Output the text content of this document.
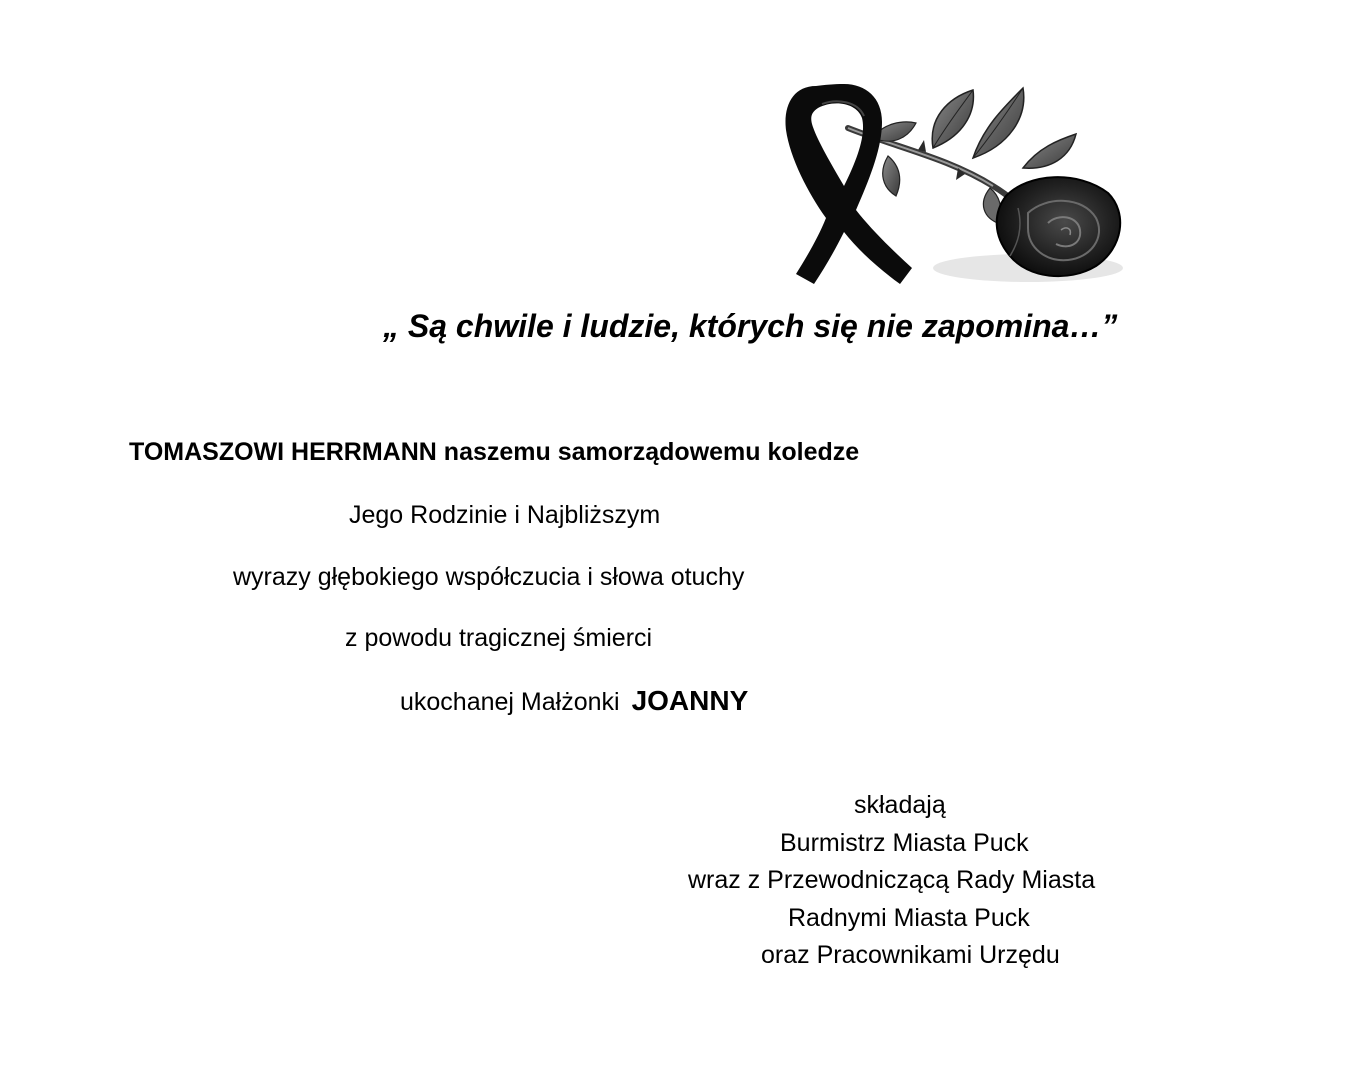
„ Są chwile i ludzie, których się nie zapomina…”
TOMASZOWI HERRMANN naszemu samorządowemu koledze
Jego Rodzinie i Najbliższym
wyrazy głębokiego współczucia i słowa otuchy
z powodu tragicznej śmierci
ukochanej Małżonki JOANNY
składają
Burmistrz Miasta Puck
wraz z Przewodniczącą Rady Miasta
Radnymi Miasta Puck
oraz Pracownikami Urzędu
